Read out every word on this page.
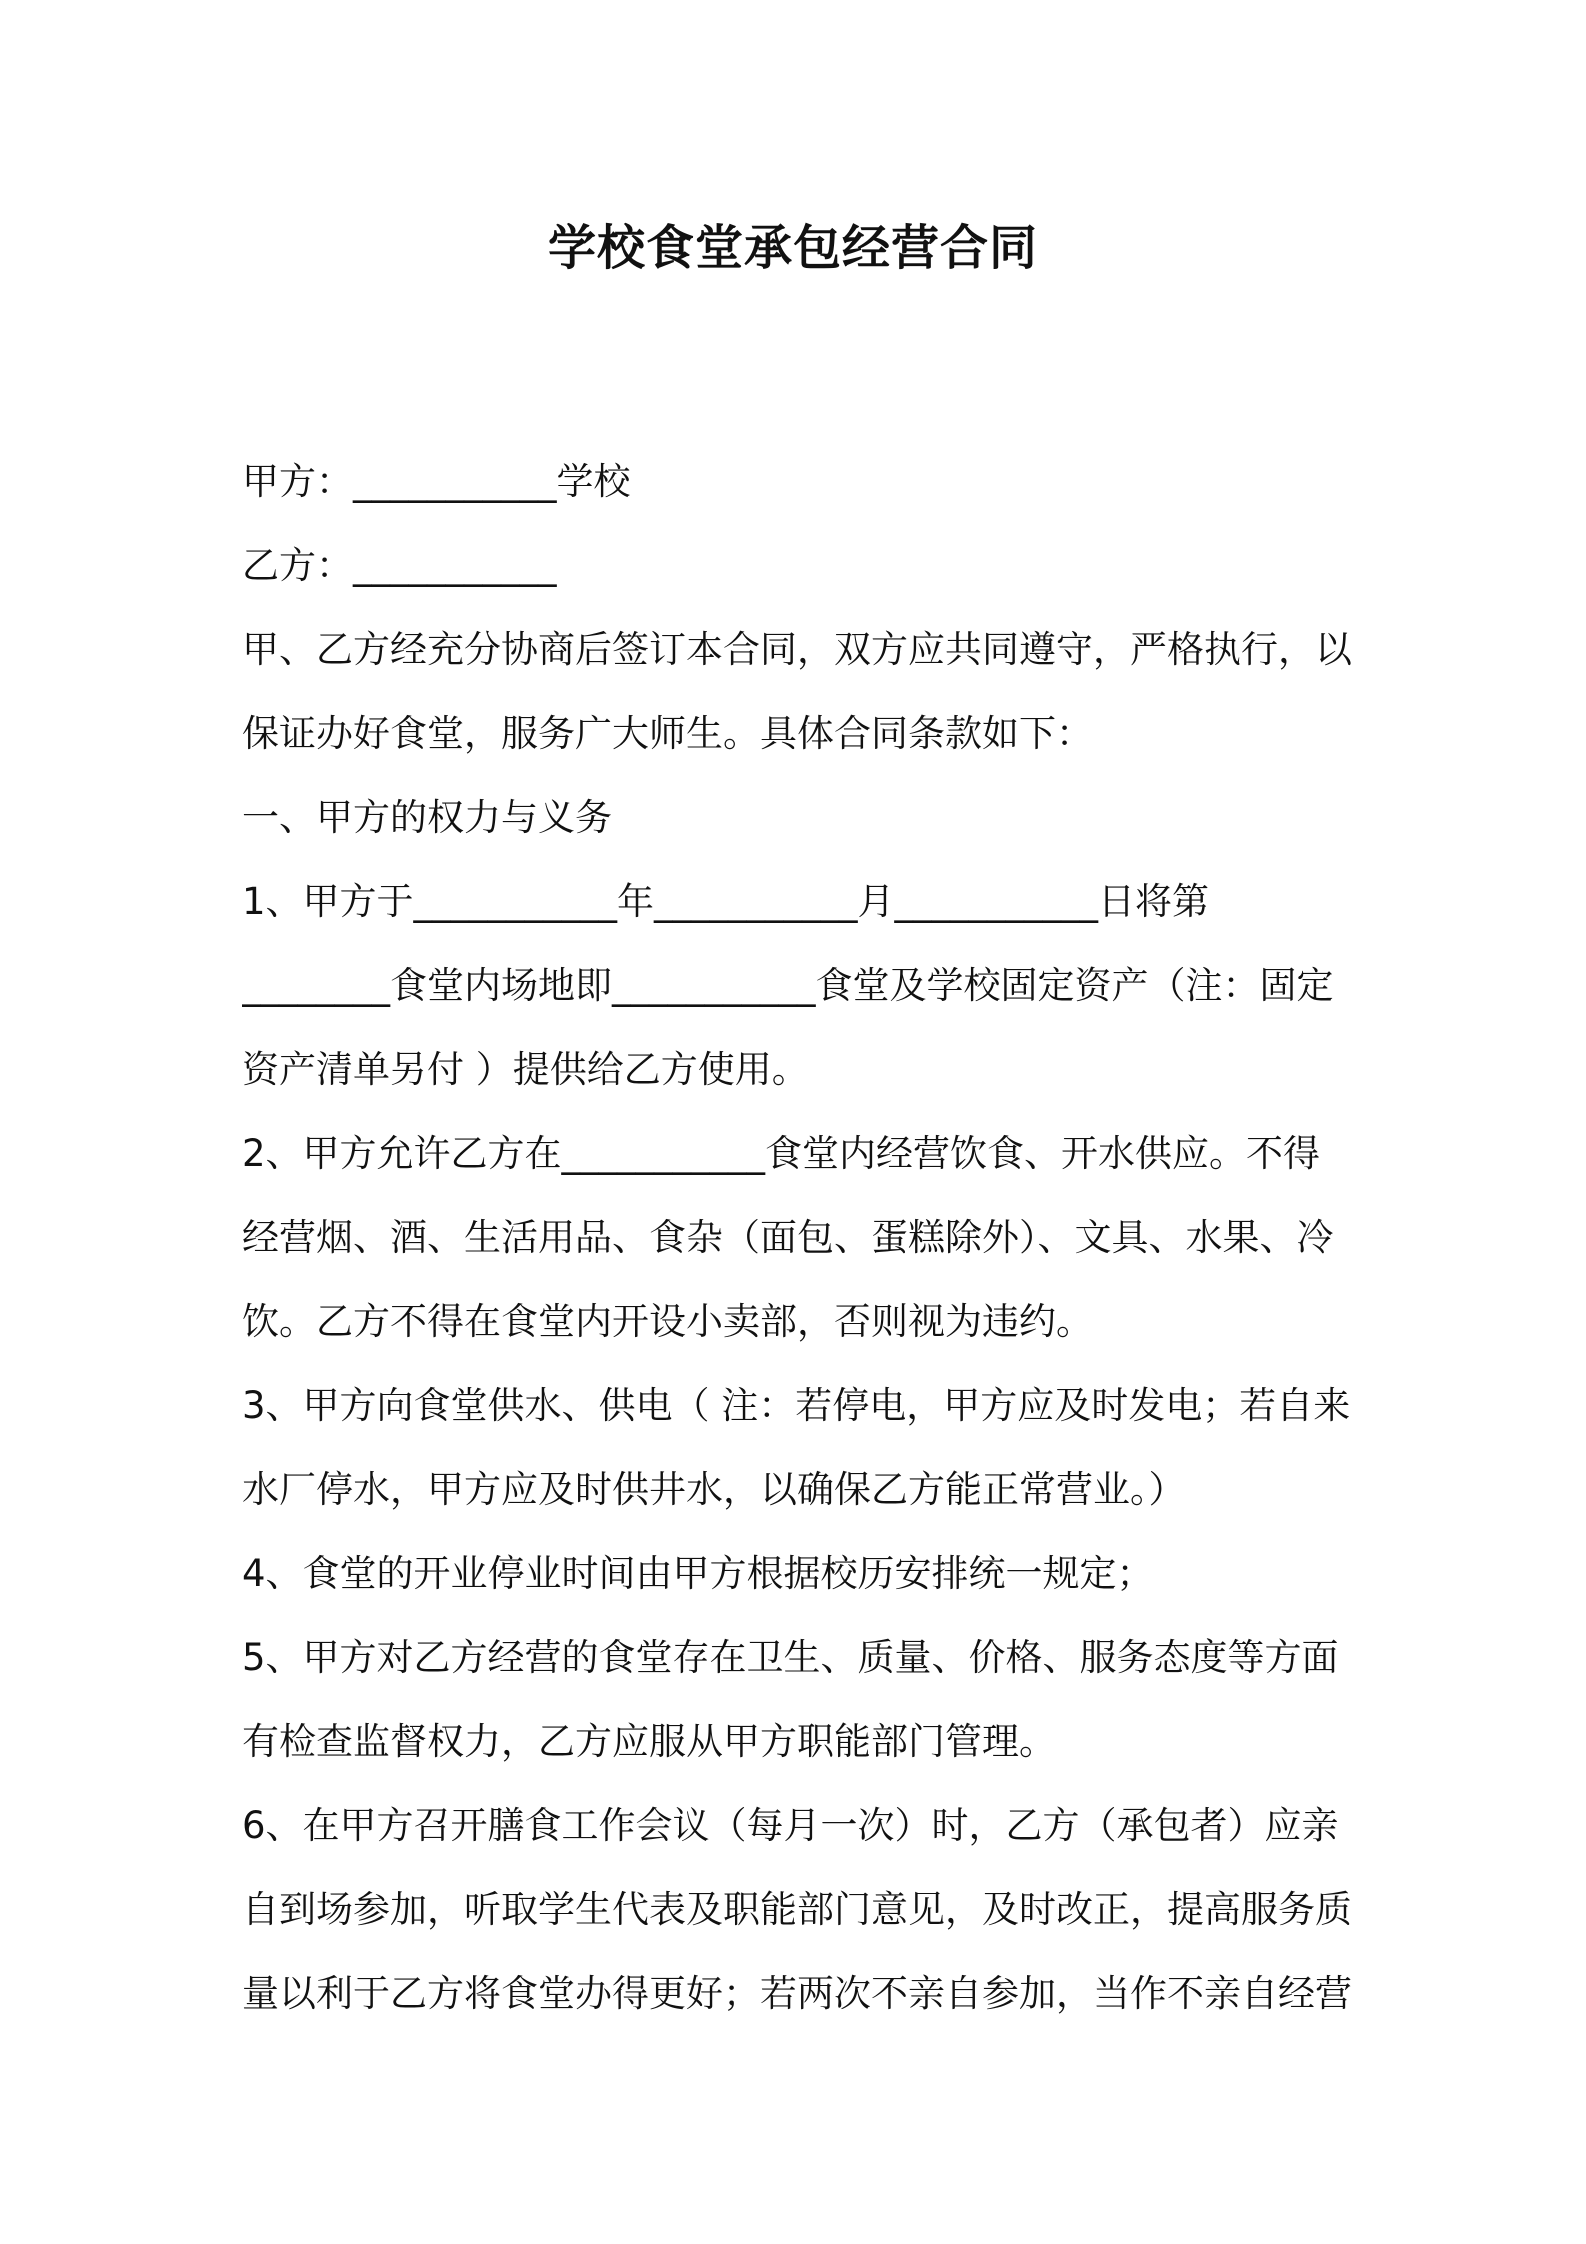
学校食堂承包经营合同
甲方：___________学校
乙方：___________
甲、乙方经充分协商后签订本合同，双方应共同遵守，严格执行，以
保证办好食堂，服务广大师生。具体合同条款如下：
一、甲方的权力与义务
1、甲方于___________年___________月___________日将第
________食堂内场地即___________食堂及学校固定资产（注：固定
资产清单另付 ）提供给乙方使用。
2、甲方允许乙方在___________食堂内经营饮食、开水供应。不得
经营烟、酒、生活用品、食杂（面包、蛋糕除外）、文具、水果、冷
饮。乙方不得在食堂内开设小卖部，否则视为违约。
3、甲方向食堂供水、供电（ 注：若停电，甲方应及时发电；若自来
水厂停水，甲方应及时供井水，以确保乙方能正常营业。）
4、食堂的开业停业时间由甲方根据校历安排统一规定；
5、甲方对乙方经营的食堂存在卫生、质量、价格、服务态度等方面
有检查监督权力，乙方应服从甲方职能部门管理。
6、在甲方召开膳食工作会议（每月一次）时，乙方（承包者）应亲
自到场参加，听取学生代表及职能部门意见，及时改正，提高服务质
量以利于乙方将食堂办得更好；若两次不亲自参加，当作不亲自经营
